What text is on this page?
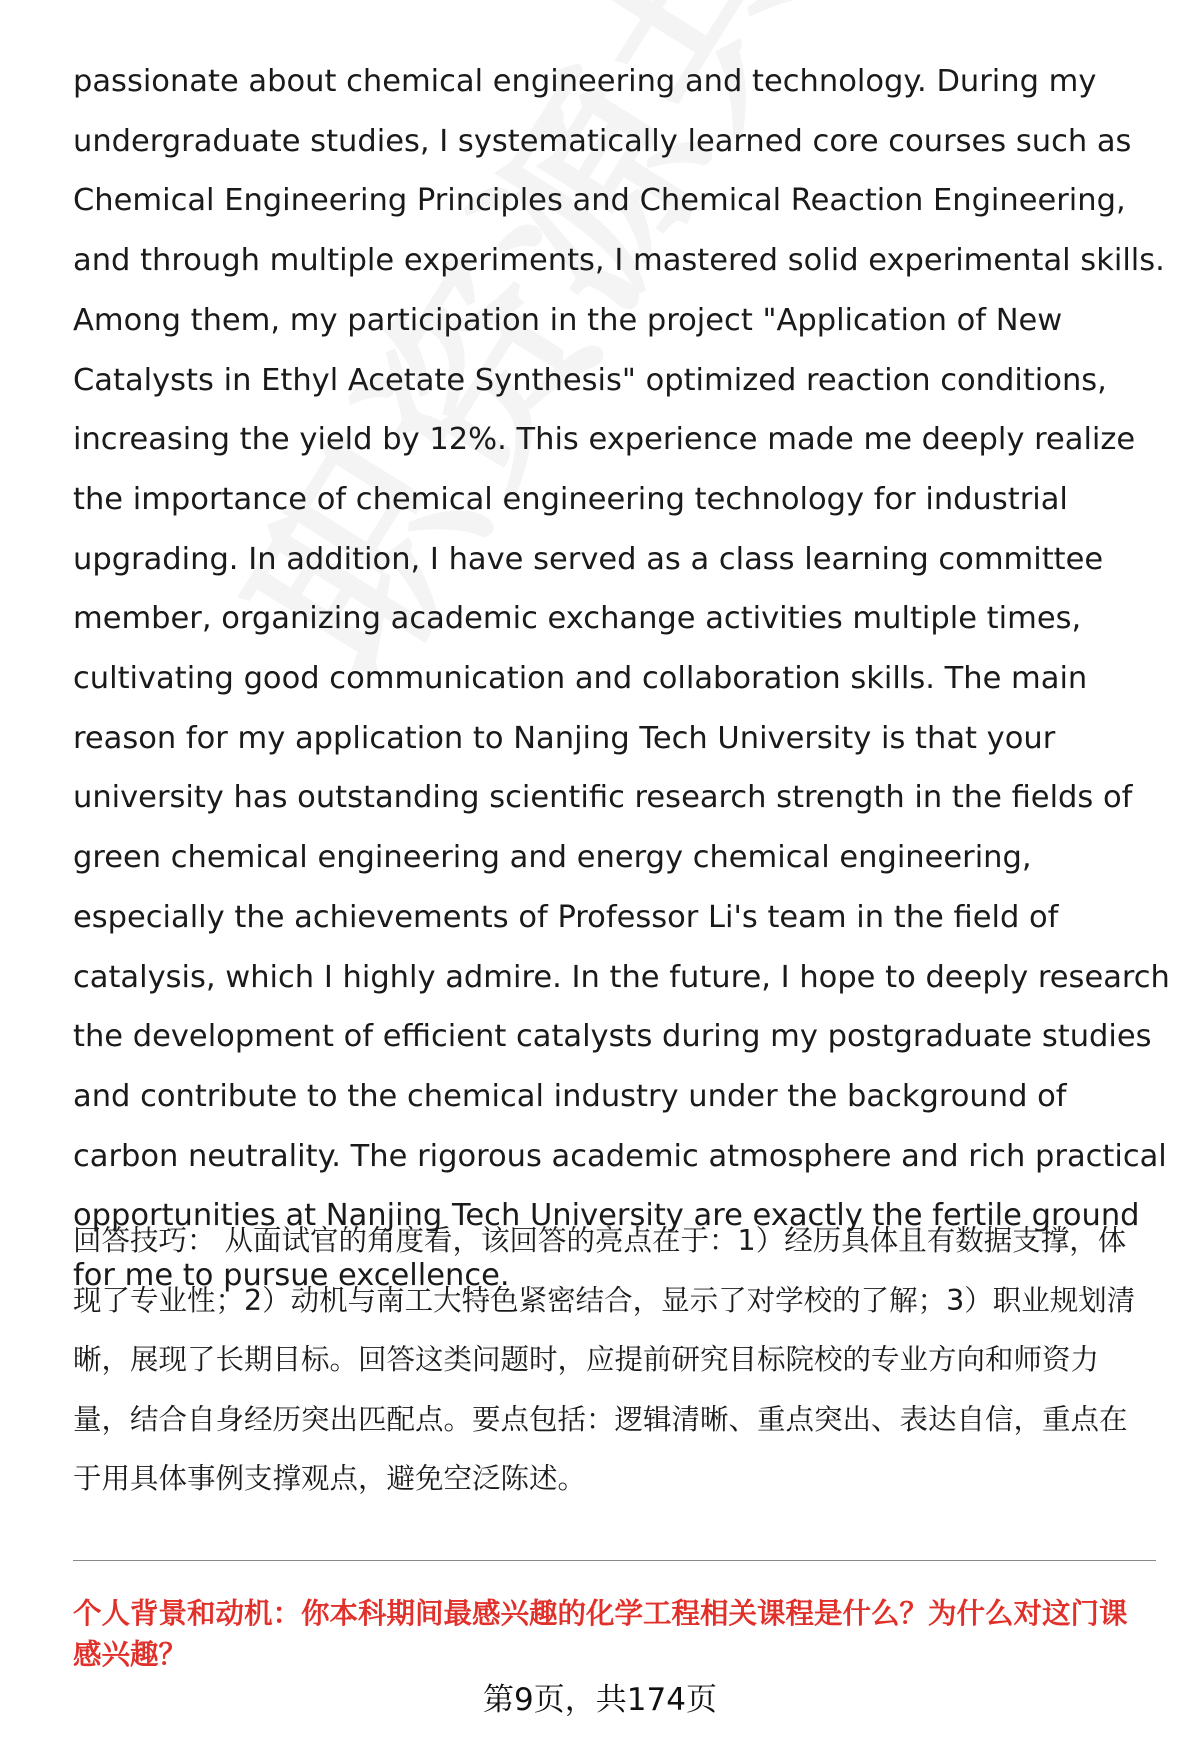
passionate about chemical engineering and technology. During my undergraduate studies, I systematically learned core courses such as Chemical Engineering Principles and Chemical Reaction Engineering, and through multiple experiments, I mastered solid experimental skills. Among them, my participation in the project "Application of New Catalysts in Ethyl Acetate Synthesis" optimized reaction conditions, increasing the yield by 12%. This experience made me deeply realize the importance of chemical engineering technology for industrial upgrading. In addition, I have served as a class learning committee member, organizing academic exchange activities multiple times, cultivating good communication and collaboration skills. The main reason for my application to Nanjing Tech University is that your university has outstanding scientific research strength in the fields of green chemical engineering and energy chemical engineering, especially the achievements of Professor Li's team in the field of catalysis, which I highly admire. In the future, I hope to deeply research the development of efficient catalysts during my postgraduate studies and contribute to the chemical industry under the background of carbon neutrality. The rigorous academic atmosphere and rich practical opportunities at Nanjing Tech University are exactly the fertile ground for me to pursue excellence.

回答技巧： 从面试官的角度看，该回答的亮点在于：1）经历具体且有数据支撑，体现了专业性；2）动机与南工大特色紧密结合，显示了对学校的了解；3）职业规划清晰，展现了长期目标。回答这类问题时，应提前研究目标院校的专业方向和师资力量，结合自身经历突出匹配点。要点包括：逻辑清晰、重点突出、表达自信，重点在于用具体事例支撑观点，避免空泛陈述。

个人背景和动机：你本科期间最感兴趣的化学工程相关课程是什么？为什么对这门课感兴趣？

第9页，共174页
